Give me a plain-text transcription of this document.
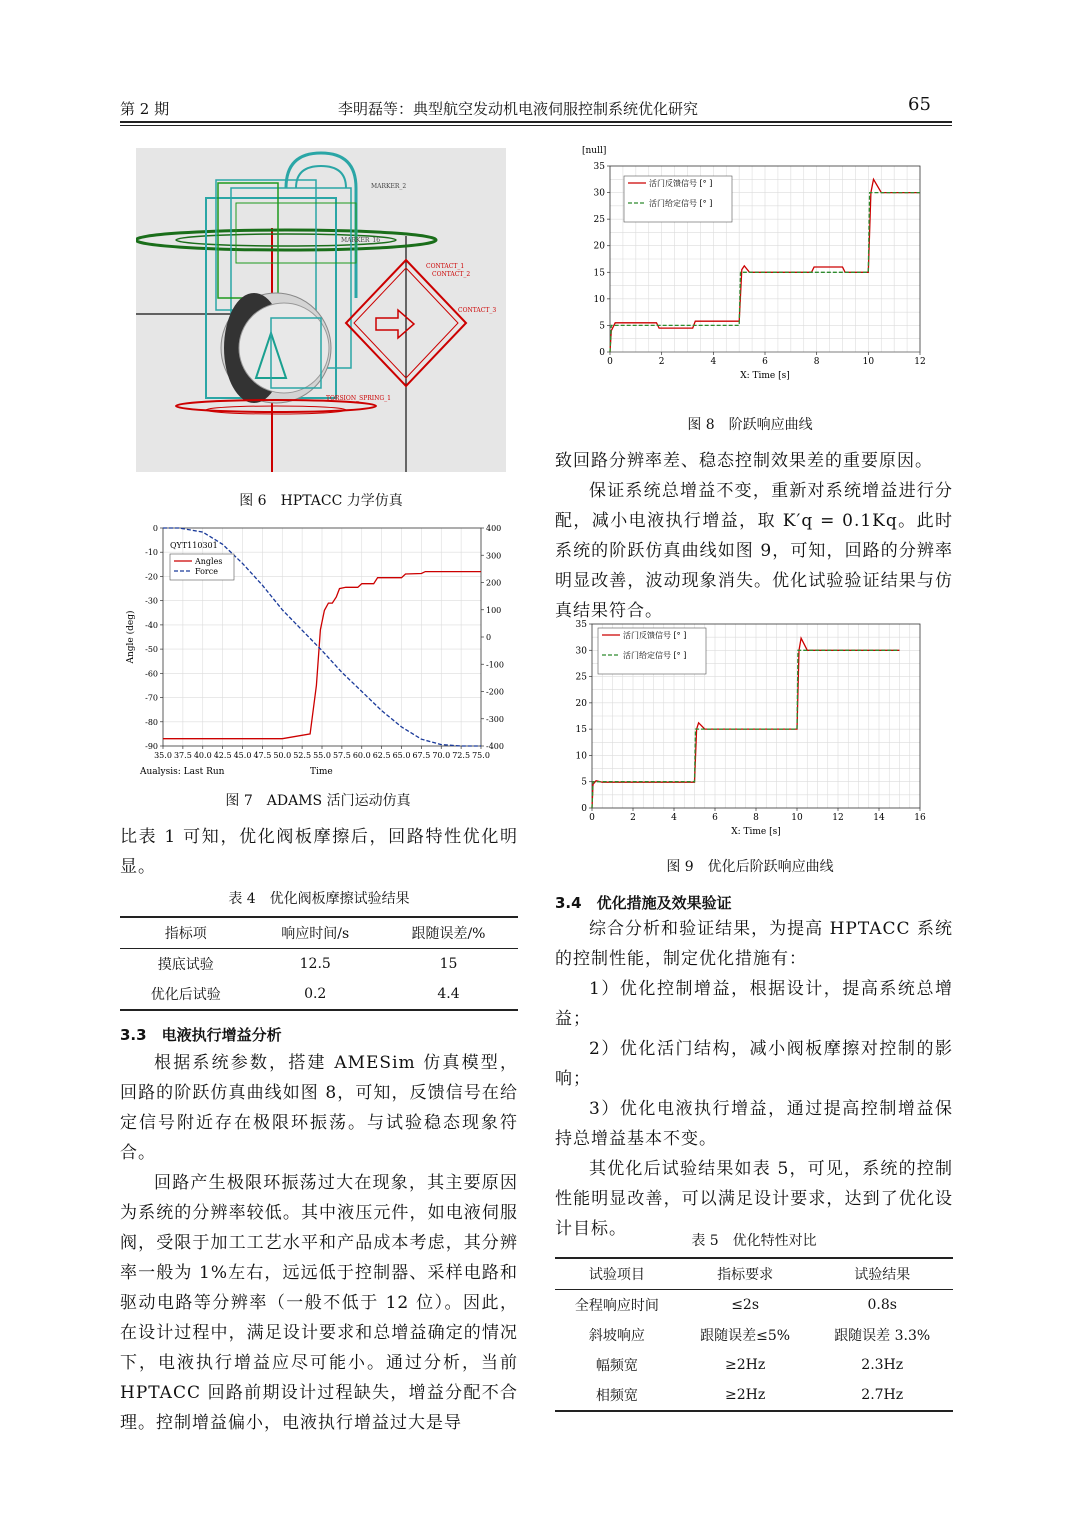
第 2 期	李明磊等：典型航空发动机电液伺服控制系统优化研究	65
CONTACT_1
CONTACT_2
CONTACT_3
MARKER_2
MARKER_16
TORSION_SPRING_1
图 6　HPTACC 力学仿真
QYT110301
Aualysis: Last Run	Time
35.0 37.5 40.0 42.5 45.0 47.5 50.0 52.5 55.0 57.5 60.0 62.5 65.0 67.5 70.0 72.5 75.0
0
-10
-20
-30
-40
-50
-60
-70
-80
-90
400
300
200
100
0
-100
-200
-300
-400
Angle (deg)
Angles
Force
图 7　ADAMS 活门运动仿真
[null]
0	2	4	6	8	10	12
0
5
10
15
20
25
30
35
X: Time [s]
活门反馈信号 [° ]
活门给定信号 [° ]
图 8　阶跃响应曲线
0	2	4	6	8	10	12	14	16
0
5
10
15
20
25
30
35
X: Time [s]
活门反馈信号 [° ]
活门给定信号 [° ]
图 9　优化后阶跃响应曲线

比表 1 可知，优化阀板摩擦后，回路特性优化明显。

表 4　优化阀板摩擦试验结果
指标项	响应时间/s	跟随误差/%
摸底试验	12.5	15
优化后试验	0.2	4.4
3.3　电液执行增益分析

根据系统参数，搭建 AMESim 仿真模型，回路的阶跃仿真曲线如图 8，可知，反馈信号在给定信号附近存在极限环振荡。与试验稳态现象符合。

回路产生极限环振荡过大在现象，其主要原因为系统的分辨率较低。其中液压元件，如电液伺服阀，受限于加工工艺水平和产品成本考虑，其分辨率一般为 1%左右，远远低于控制器、采样电路和驱动电路等分辨率（一般不低于 12 位）。因此，在设计过程中，满足设计要求和总增益确定的情况下，电液执行增益应尽可能小。通过分析，当前 HPTACC 回路前期设计过程缺失，增益分配不合理。控制增益偏小，电液执行增益过大是导

致回路分辨率差、稳态控制效果差的重要原因。

保证系统总增益不变，重新对系统增益进行分配，减小电液执行增益，取 K′q = 0.1Kq。此时系统的阶跃仿真曲线如图 9，可知，回路的分辨率明显改善，波动现象消失。优化试验验证结果与仿真结果符合。

3.4　优化措施及效果验证

综合分析和验证结果，为提高 HPTACC 系统的控制性能，制定优化措施有：

1）优化控制增益，根据设计，提高系统总增益；

2）优化活门结构，减小阀板摩擦对控制的影响；

3）优化电液执行增益，通过提高控制增益保持总增益基本不变。

其优化后试验结果如表 5，可见，系统的控制性能明显改善，可以满足设计要求，达到了优化设计目标。

表 5　优化特性对比
试验项目	指标要求	试验结果
全程响应时间	≤2s	0.8s
斜坡响应	跟随误差≤5%	跟随误差 3.3%
幅频宽	≥2Hz	2.3Hz
相频宽	≥2Hz	2.7Hz
